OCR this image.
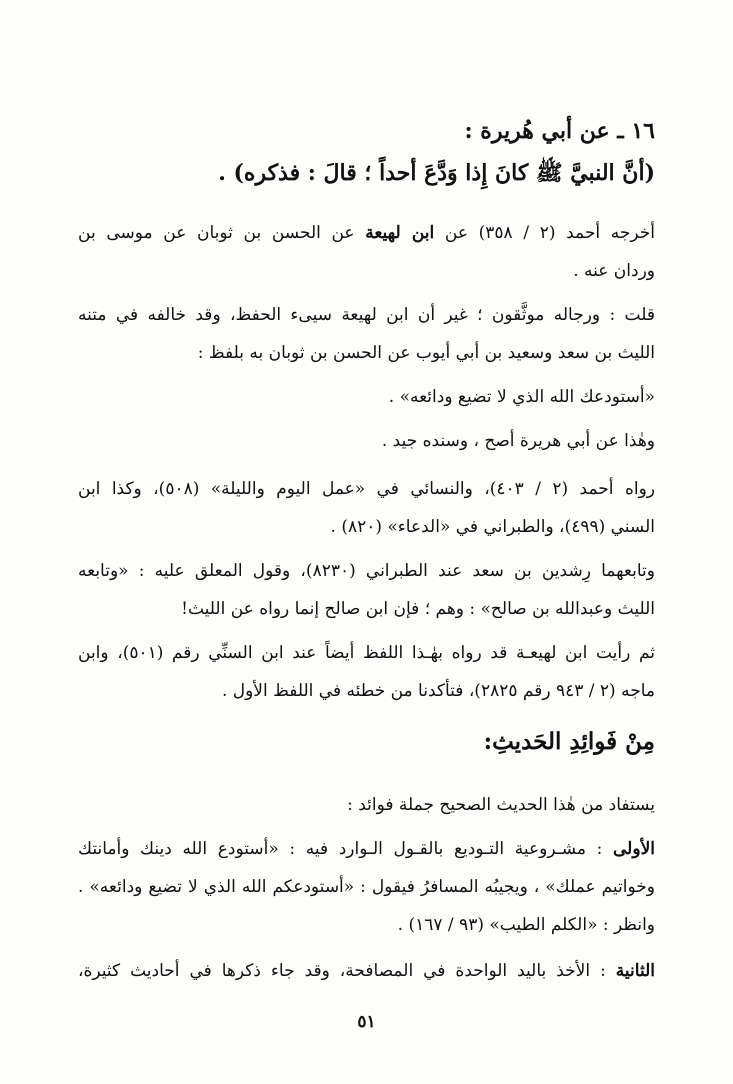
١٦ ـ عن أبي هُريرة :
(أنَّ النبيَّ ﷺ كانَ إِذا وَدَّعَ أحداً ؛ قالَ : فذكره) .
أخرجه أحمد (٢ / ٣٥٨) عن ابن لهيعة عن الحسن بن ثوبان عن موسى بن
وردان عنه .
قلت : ورجاله موثَّقون ؛ غير أن ابن لهيعة سيىء الحفظ، وقد خالفه في متنه
الليث بن سعد وسعيد بن أبي أيوب عن الحسن بن ثوبان به بلفظ :
«أستودعك الله الذي لا تضيع ودائعه» .
وهٰذا عن أبي هريرة أصح ، وسنده جيد .
رواه أحمد (٢ / ٤٠٣)، والنسائي في «عمل اليوم والليلة» (٥٠٨)، وكذا ابن
السني (٤٩٩)، والطبراني في «الدعاء» (٨٢٠) .
وتابعهما رِشدين بن سعد عند الطبراني (٨٢٣٠)، وقول المعلق عليه : «وتابعه
الليث وعبدالله بن صالح» : وهم ؛ فإن ابن صالح إنما رواه عن الليث!
ثم رأيت ابن لهيعـة قد رواه بهٰـذا اللفظ أيضاً عند ابن السنِّي رقم (٥٠١)، وابن
ماجه (٢ / ٩٤٣ رقم ٢٨٢٥)، فتأكدنا من خطئه في اللفظ الأول .
مِنْ فَوائِدِ الحَديثِ:
يستفاد من هٰذا الحديث الصحيح جملة فوائد :
الأولى : مشـروعية التـوديع بالقـول الـوارد فيه : «أستودع الله دينك وأمانتك
وخواتيم عملك» ، ويجيبُه المسافرُ فيقول : «أستودعكم الله الذي لا تضيع ودائعه» .
وانظر : «الكلم الطيب» (٩٣ / ١٦٧) .
الثانية : الأخذ باليد الواحدة في المصافحة، وقد جاء ذكرها في أحاديث كثيرة،
٥١
